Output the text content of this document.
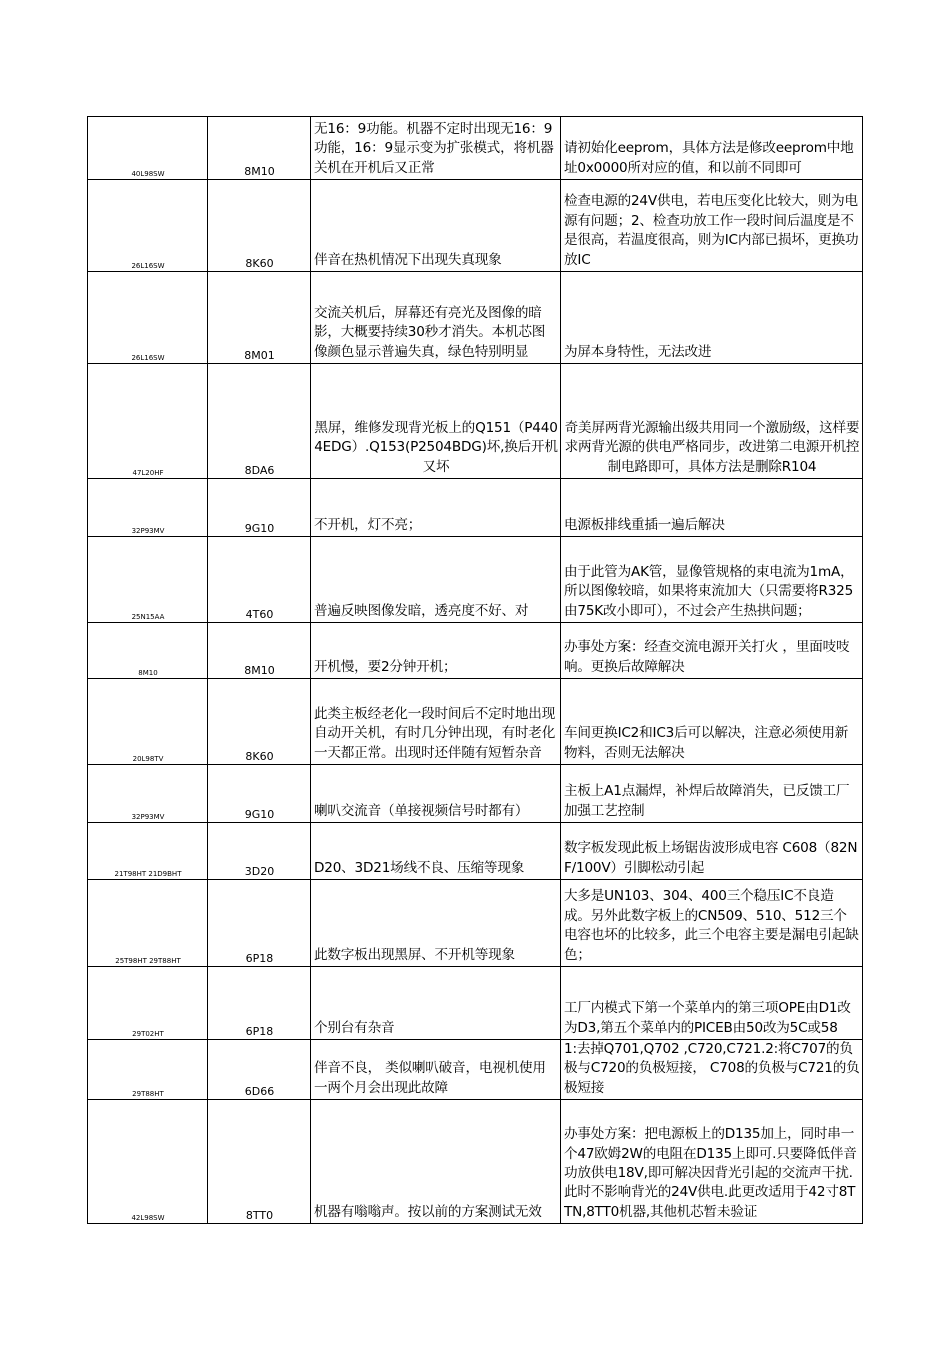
40L98SW	8M10	无16：9功能。机器不定时出现无16：9功能，16：9显示变为扩张模式，将机器关机在开机后又正常	请初始化eeprom，具体方法是修改eeprom中地址0x0000所对应的值，和以前不同即可
26L16SW	8K60	伴音在热机情况下出现失真现象	检查电源的24V供电，若电压变化比较大，则为电源有问题；2、检查功放工作一段时间后温度是不是很高，若温度很高，则为IC内部已损坏，更换功放IC
26L16SW	8M01	交流关机后，屏幕还有亮光及图像的暗影，大概要持续30秒才消失。本机芯图像颜色显示普遍失真，绿色特别明显	为屏本身特性，无法改进
47L20HF	8DA6	黑屏，维修发现背光板上的Q151（P4404EDG）.Q153(P2504BDG)坏,换后开机又坏	奇美屏两背光源输出级共用同一个激励级，这样要求两背光源的供电严格同步，改进第二电源开机控制电路即可，具体方法是删除R104
32P93MV	9G10	不开机，灯不亮；	电源板排线重插一遍后解决
25N15AA	4T60	普遍反映图像发暗，透亮度不好、对	由于此管为AK管，显像管规格的束电流为1mA，所以图像较暗，如果将束流加大（只需要将R325由75K改小即可），不过会产生热拱问题；
8M10	8M10	开机慢，要2分钟开机；	办事处方案：经查交流电源开关打火 ，里面吱吱响。更换后故障解决
20L98TV	8K60	此类主板经老化一段时间后不定时地出现自动开关机，有时几分钟出现，有时老化一天都正常。出现时还伴随有短暂杂音	车间更换IC2和IC3后可以解决，注意必须使用新物料，否则无法解决
32P93MV	9G10	喇叭交流音（单接视频信号时都有）	主板上A1点漏焊，补焊后故障消失，已反馈工厂加强工艺控制
21T98HT 21D9BHT	3D20	D20、3D21场线不良、压缩等现象	数字板发现此板上场锯齿波形成电容 C608（82NF/100V）引脚松动引起
25T98HT 29T88HT	6P18	此数字板出现黑屏、不开机等现象	大多是UN103、304、400三个稳压IC不良造成。另外此数字板上的CN509、510、512三个电容也坏的比较多，此三个电容主要是漏电引起缺色；
29T02HT	6P18	个别台有杂音	工厂内模式下第一个菜单内的第三项OPE由D1改为D3,第五个菜单内的PICEB由50改为5C或58
29T88HT	6D66	伴音不良， 类似喇叭破音，电视机使用一两个月会出现此故障	1:去掉Q701,Q702 ,C720,C721.2:将C707的负极与C720的负极短接， C708的负极与C721的负极短接
42L98SW	8TT0	机器有嗡嗡声。按以前的方案测试无效	办事处方案：把电源板上的D135加上，同时串一个47欧姆2W的电阻在D135上即可.只要降低伴音功放供电18V,即可解决因背光引起的交流声干扰.此时不影响背光的24V供电.此更改适用于42寸8TTN,8TT0机器,其他机芯暂未验证
